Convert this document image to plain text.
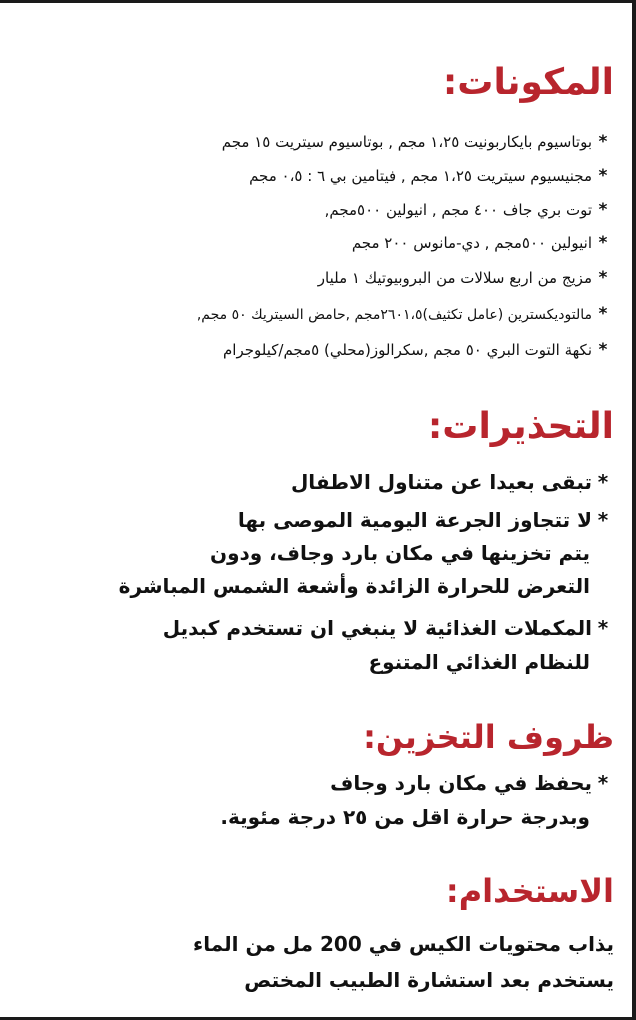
المكونات:
*
بوتاسيوم بايكاربونيت ١،٢٥ مجم , بوتاسيوم سيتريت ١٥ مجم
*
مجنيسيوم سيتريت ١،٢٥ مجم , فيتامين بي ٦ : ٠،٥ مجم
*
توت بري جاف ٤٠٠ مجم , انيولين ٥٠٠مجم,
*
انيولين ٥٠٠مجم , دي-مانوس ٢٠٠ مجم
*
مزيج من اربع سلالات من البروبيوتيك ١ مليار
*
مالتوديكسترين (عامل تكثيف)٢٦٠١،٥مجم ,حامض السيتريك ٥٠ مجم,
*
نكهة التوت البري ٥٠ مجم ,سكرالوز(محلي) ٥مجم/كيلوجرام
التحذيرات:
*
تبقى بعيدا عن متناول الاطفال
*
لا تتجاوز الجرعة اليومية الموصى بها
يتم تخزينها في مكان بارد وجاف، ودون
التعرض للحرارة الزائدة وأشعة الشمس المباشرة
*
المكملات الغذائية لا ينبغي ان تستخدم كبديل
للنظام الغذائي المتنوع
ظروف التخزين:
*
يحفظ في مكان بارد وجاف
وبدرجة حرارة اقل من ٢٥ درجة مئوية.
الاستخدام:
يذاب محتويات الكيس في 200 مل من الماء
يستخدم بعد استشارة الطبيب المختص
